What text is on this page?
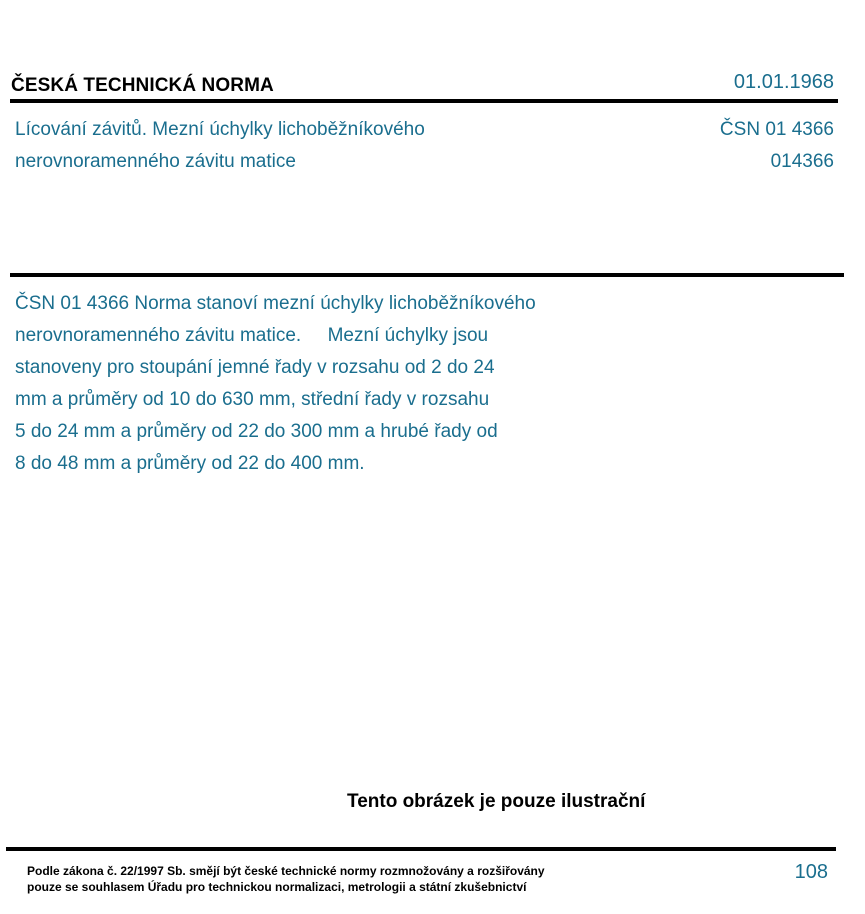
ČESKÁ TECHNICKÁ NORMA	01.01.1968
Lícování závitů. Mezní úchylky lichoběžníkového
nerovnoramenného závitu matice
ČSN 01 4366
014366
ČSN 01 4366 Norma stanoví mezní úchylky lichoběžníkového
nerovnoramenného závitu matice.     Mezní úchylky jsou
stanoveny pro stoupání jemné řady v rozsahu od 2 do 24
mm a průměry od 10 do 630 mm, střední řady v rozsahu
5 do 24 mm a průměry od 22 do 300 mm a hrubé řady od
8 do 48 mm a průměry od 22 do 400 mm.
Tento obrázek je pouze ilustrační
Podle zákona č. 22/1997 Sb. smějí být české technické normy rozmnožovány a rozšiřovány
pouze se souhlasem Úřadu pro technickou normalizaci, metrologii a státní zkušebnictví
108
